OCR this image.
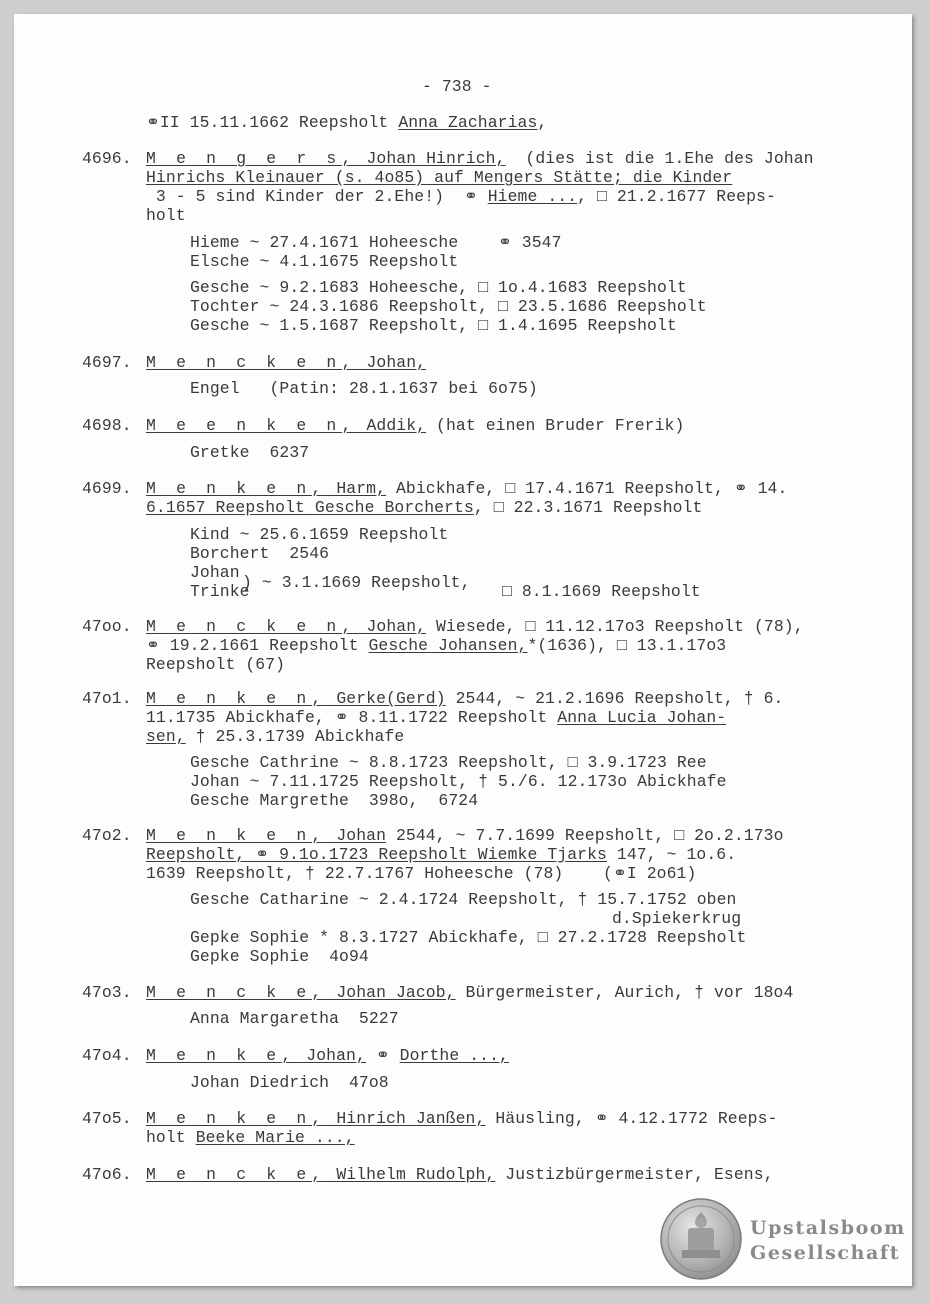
- 738 -
⚭II 15.11.1662 Reepsholt Anna Zacharias,
4696. M e n g e r s, Johan Hinrich,  (dies ist die 1.Ehe des Johan
Hinrichs Kleinauer (s. 4o85) auf Mengers Stätte; die Kinder
3 - 5 sind Kinder der 2.Ehe!)  ⚭ Hieme ..., □ 21.2.1677 Reeps-
holt
Hieme ~ 27.4.1671 Hoheesche    ⚭ 3547
Elsche ~ 4.1.1675 Reepsholt
Gesche ~ 9.2.1683 Hoheesche, □ 1o.4.1683 Reepsholt
Tochter ~ 24.3.1686 Reepsholt, □ 23.5.1686 Reepsholt
Gesche ~ 1.5.1687 Reepsholt, □ 1.4.1695 Reepsholt
4697. M e n c k e n, Johan,
Engel   (Patin: 28.1.1637 bei 6o75)
4698. M e e n k e n, Addik, (hat einen Bruder Frerik)
Gretke  6237
4699. M e n k e n, Harm, Abickhafe, □ 17.4.1671 Reepsholt, ⚭ 14.
6.1657 Reepsholt Gesche Borcherts, □ 22.3.1671 Reepsholt
Kind ~ 25.6.1659 Reepsholt
Borchert  2546
Johan
Trinke
) ~ 3.1.1669 Reepsholt, □ 8.1.1669 Reepsholt
47oo. M e n c k e n, Johan, Wiesede, □ 11.12.17o3 Reepsholt (78),
⚭ 19.2.1661 Reepsholt Gesche Johansen,*(1636), □ 13.1.17o3
Reepsholt (67)
47o1. M e n k e n, Gerke(Gerd) 2544, ~ 21.2.1696 Reepsholt, † 6.
11.1735 Abickhafe, ⚭ 8.11.1722 Reepsholt Anna Lucia Johan-
sen, † 25.3.1739 Abickhafe
Gesche Cathrine ~ 8.8.1723 Reepsholt, □ 3.9.1723 Ree
Johan ~ 7.11.1725 Reepsholt, † 5./6. 12.173o Abickhafe
Gesche Margrethe  398o,  6724
47o2. M e n k e n, Johan 2544, ~ 7.7.1699 Reepsholt, □ 2o.2.173o
Reepsholt, ⚭ 9.1o.1723 Reepsholt Wiemke Tjarks 147, ~ 1o.6.
1639 Reepsholt, † 22.7.1767 Hoheesche (78)    (⚭I 2o61)
Gesche Catharine ~ 2.4.1724 Reepsholt, † 15.7.1752 oben
d.Spiekerkrug
Gepke Sophie * 8.3.1727 Abickhafe, □ 27.2.1728 Reepsholt
Gepke Sophie  4o94
47o3. M e n c k e, Johan Jacob, Bürgermeister, Aurich, † vor 18o4
Anna Margaretha  5227
47o4. M e n k e, Johan, ⚭ Dorthe ...,
Johan Diedrich  47o8
47o5. M e n k e n, Hinrich Janßen, Häusling, ⚭ 4.12.1772 Reeps-
holt Beeke Marie ...,
47o6. M e n c k e, Wilhelm Rudolph, Justizbürgermeister, Esens,
Upstalsboom
Gesellschaft
